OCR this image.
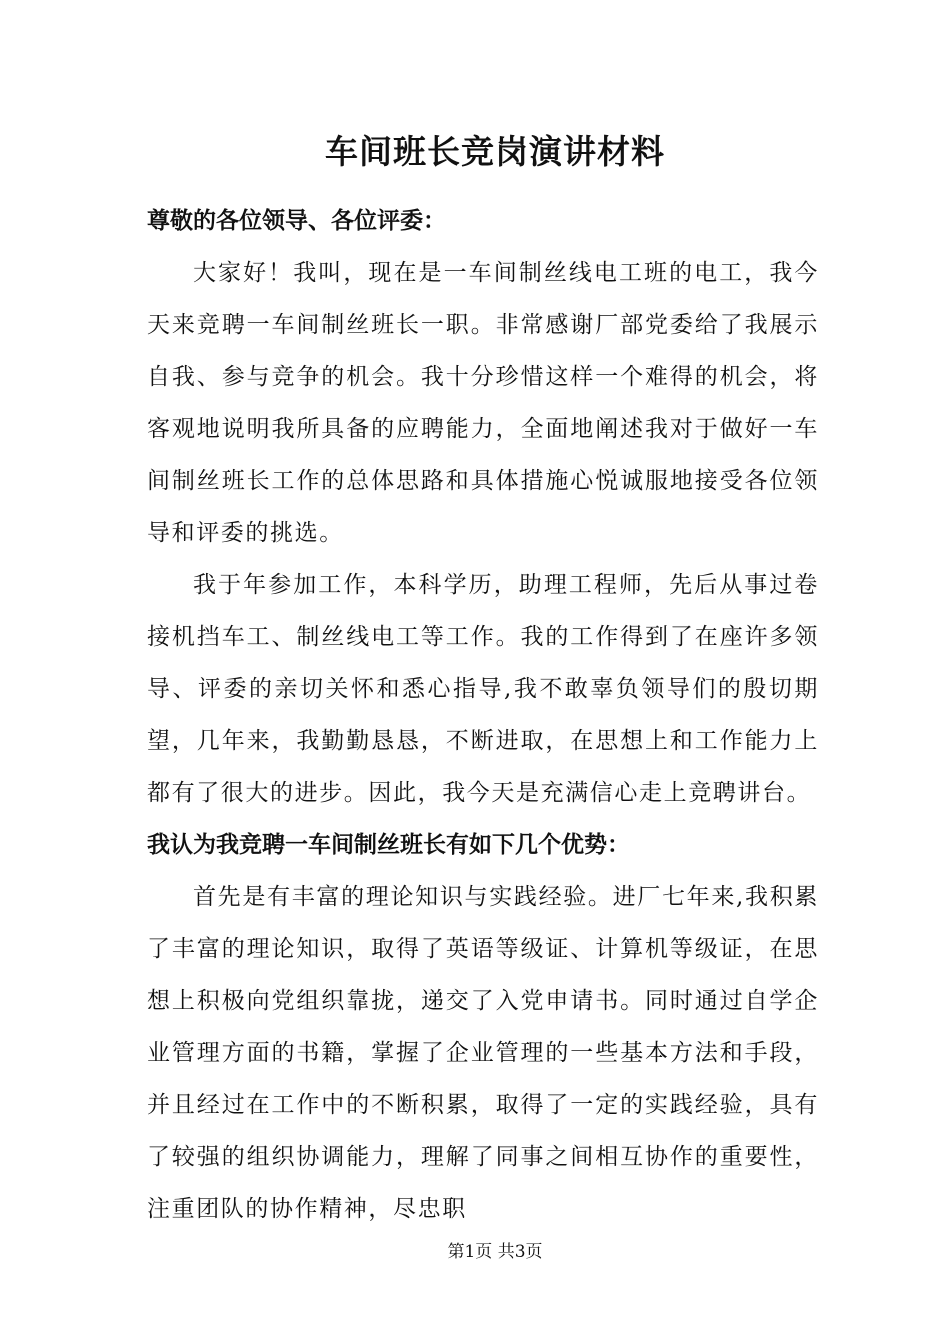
车间班长竞岗演讲材料
尊敬的各位领导、各位评委：
大家好！我叫，现在是一车间制丝线电工班的电工，我今天来竞聘一车间制丝班长一职。非常感谢厂部党委给了我展示自我、参与竞争的机会。我十分珍惜这样一个难得的机会，将客观地说明我所具备的应聘能力，全面地阐述我对于做好一车间制丝班长工作的总体思路和具体措施心悦诚服地接受各位领导和评委的挑选。
我于年参加工作，本科学历，助理工程师，先后从事过卷接机挡车工、制丝线电工等工作。我的工作得到了在座许多领导、评委的亲切关怀和悉心指导,我不敢辜负领导们的殷切期望，几年来，我勤勤恳恳，不断进取，在思想上和工作能力上都有了很大的进步。因此，我今天是充满信心走上竞聘讲台。
我认为我竞聘一车间制丝班长有如下几个优势：
首先是有丰富的理论知识与实践经验。进厂七年来,我积累了丰富的理论知识，取得了英语等级证、计算机等级证，在思想上积极向党组织靠拢，递交了入党申请书。同时通过自学企业管理方面的书籍，掌握了企业管理的一些基本方法和手段，并且经过在工作中的不断积累，取得了一定的实践经验，具有了较强的组织协调能力，理解了同事之间相互协作的重要性，注重团队的协作精神，尽忠职
第1页 共3页
